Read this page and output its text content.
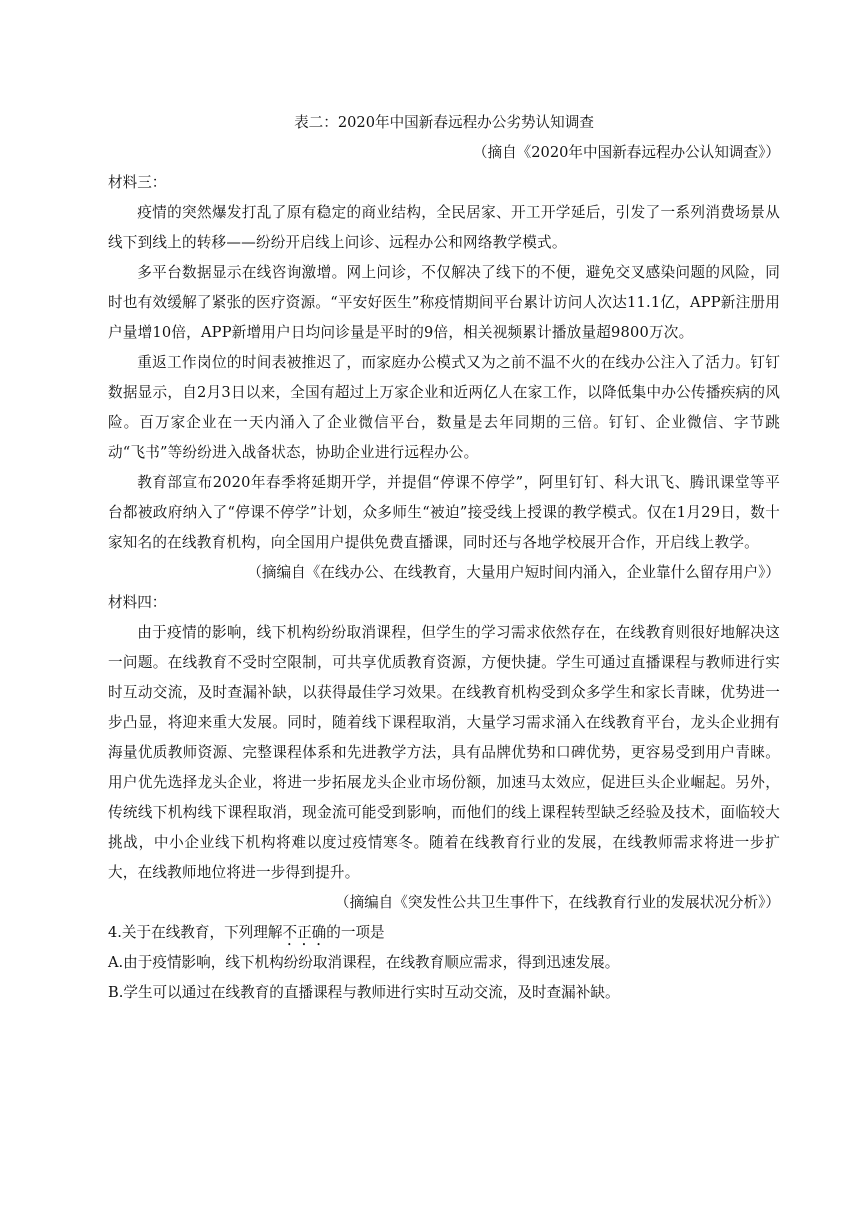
表二：2020年中国新春远程办公劣势认知调查

（摘自《2020年中国新春远程办公认知调查》）

材料三：

疫情的突然爆发打乱了原有稳定的商业结构，全民居家、开工开学延后，引发了一系列消费场景从线下到线上的转移——纷纷开启线上问诊、远程办公和网络教学模式。

多平台数据显示在线咨询激增。网上问诊，不仅解决了线下的不便，避免交叉感染问题的风险，同时也有效缓解了紧张的医疗资源。“平安好医生”称疫情期间平台累计访问人次达11.1亿，APP新注册用户量增10倍，APP新增用户日均问诊量是平时的9倍，相关视频累计播放量超9800万次。

重返工作岗位的时间表被推迟了，而家庭办公模式又为之前不温不火的在线办公注入了活力。钉钉数据显示，自2月3日以来，全国有超过上万家企业和近两亿人在家工作，以降低集中办公传播疾病的风险。百万家企业在一天内涌入了企业微信平台，数量是去年同期的三倍。钉钉、企业微信、字节跳动“飞书”等纷纷进入战备状态，协助企业进行远程办公。

教育部宣布2020年春季将延期开学，并提倡“停课不停学”，阿里钉钉、科大讯飞、腾讯课堂等平台都被政府纳入了“停课不停学”计划，众多师生“被迫”接受线上授课的教学模式。仅在1月29日，数十家知名的在线教育机构，向全国用户提供免费直播课，同时还与各地学校展开合作，开启线上教学。

（摘编自《在线办公、在线教育，大量用户短时间内涌入，企业靠什么留存用户》）

材料四：

由于疫情的影响，线下机构纷纷取消课程，但学生的学习需求依然存在，在线教育则很好地解决这一问题。在线教育不受时空限制，可共享优质教育资源，方便快捷。学生可通过直播课程与教师进行实时互动交流，及时查漏补缺，以获得最佳学习效果。在线教育机构受到众多学生和家长青睐，优势进一步凸显，将迎来重大发展。同时，随着线下课程取消，大量学习需求涌入在线教育平台，龙头企业拥有海量优质教师资源、完整课程体系和先进教学方法，具有品牌优势和口碑优势，更容易受到用户青睐。用户优先选择龙头企业，将进一步拓展龙头企业市场份额，加速马太效应，促进巨头企业崛起。另外，传统线下机构线下课程取消，现金流可能受到影响，而他们的线上课程转型缺乏经验及技术，面临较大挑战，中小企业线下机构将难以度过疫情寒冬。随着在线教育行业的发展，在线教师需求将进一步扩大，在线教师地位将进一步得到提升。

（摘编自《突发性公共卫生事件下，在线教育行业的发展状况分析》）

4.关于在线教育，下列理解不正确的一项是

A.由于疫情影响，线下机构纷纷取消课程，在线教育顺应需求，得到迅速发展。

B.学生可以通过在线教育的直播课程与教师进行实时互动交流，及时查漏补缺。
